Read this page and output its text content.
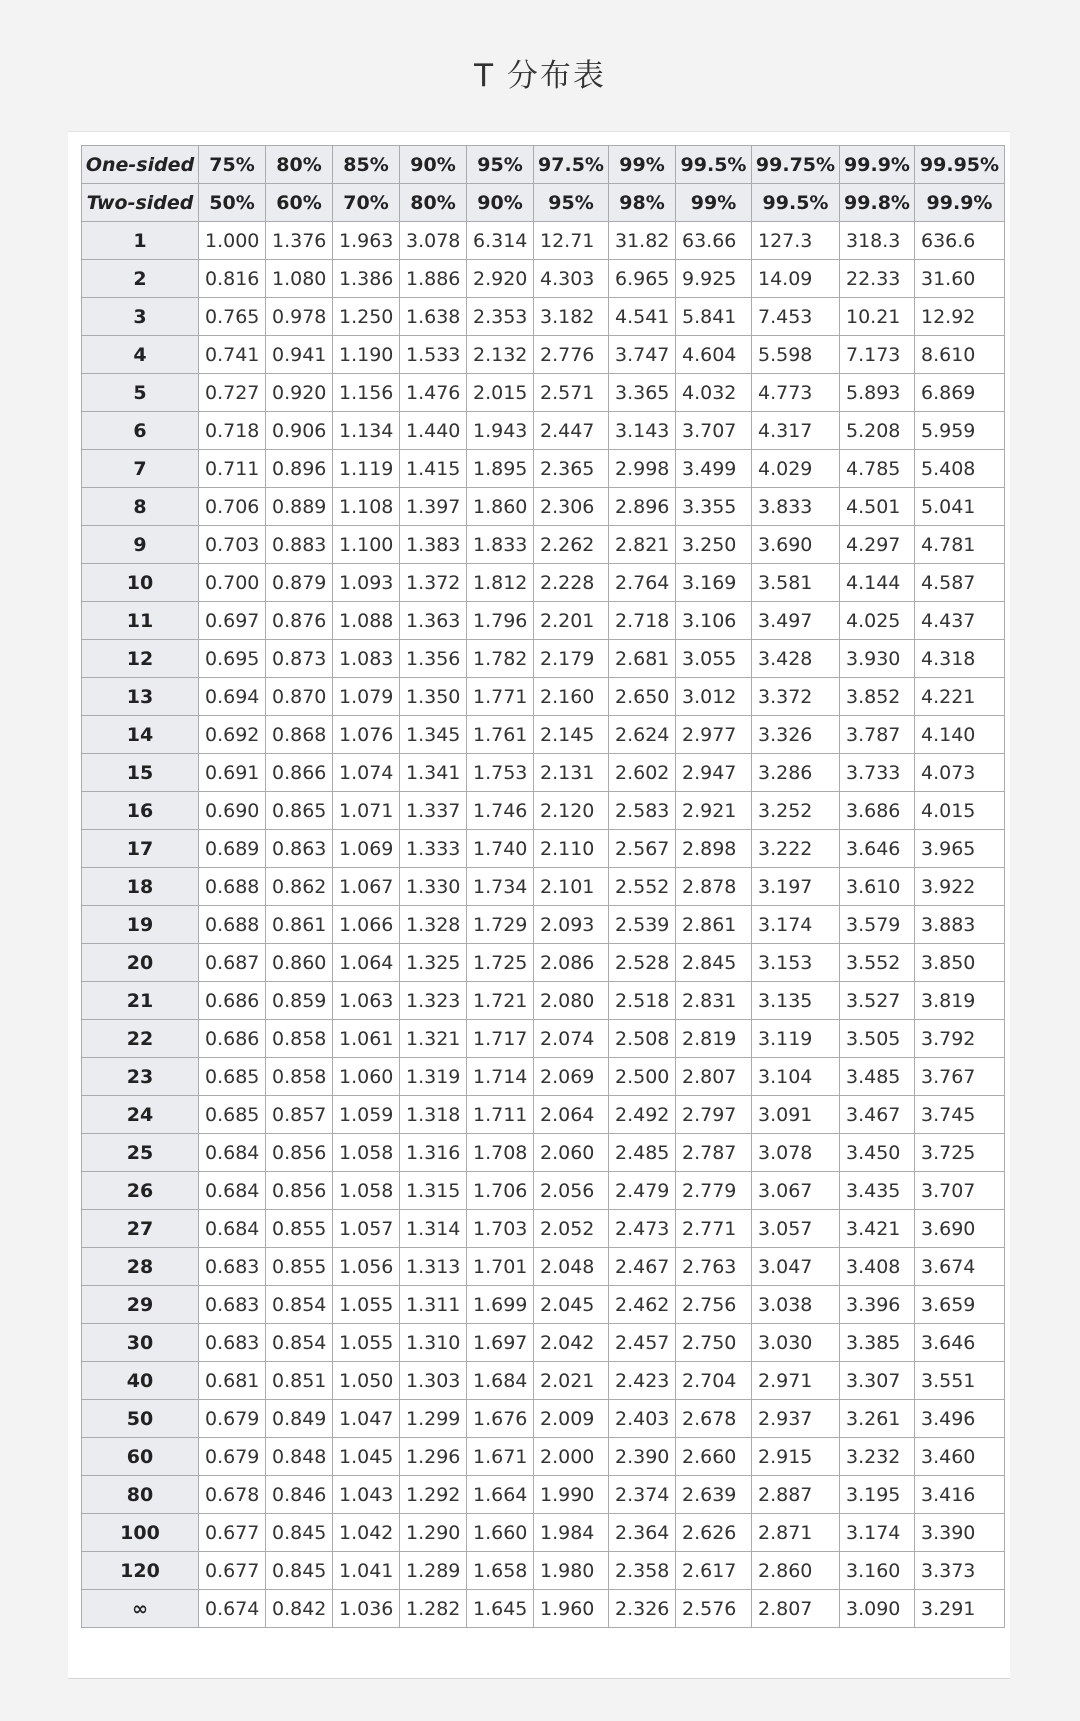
T 分布表
One-sided	75%	80%	85%	90%	95%	97.5%	99%	99.5%	99.75%	99.9%	99.95%
Two-sided	50%	60%	70%	80%	90%	95%	98%	99%	99.5%	99.8%	99.9%
1	1.000	1.376	1.963	3.078	6.314	12.71	31.82	63.66	127.3	318.3	636.6
2	0.816	1.080	1.386	1.886	2.920	4.303	6.965	9.925	14.09	22.33	31.60
3	0.765	0.978	1.250	1.638	2.353	3.182	4.541	5.841	7.453	10.21	12.92
4	0.741	0.941	1.190	1.533	2.132	2.776	3.747	4.604	5.598	7.173	8.610
5	0.727	0.920	1.156	1.476	2.015	2.571	3.365	4.032	4.773	5.893	6.869
6	0.718	0.906	1.134	1.440	1.943	2.447	3.143	3.707	4.317	5.208	5.959
7	0.711	0.896	1.119	1.415	1.895	2.365	2.998	3.499	4.029	4.785	5.408
8	0.706	0.889	1.108	1.397	1.860	2.306	2.896	3.355	3.833	4.501	5.041
9	0.703	0.883	1.100	1.383	1.833	2.262	2.821	3.250	3.690	4.297	4.781
10	0.700	0.879	1.093	1.372	1.812	2.228	2.764	3.169	3.581	4.144	4.587
11	0.697	0.876	1.088	1.363	1.796	2.201	2.718	3.106	3.497	4.025	4.437
12	0.695	0.873	1.083	1.356	1.782	2.179	2.681	3.055	3.428	3.930	4.318
13	0.694	0.870	1.079	1.350	1.771	2.160	2.650	3.012	3.372	3.852	4.221
14	0.692	0.868	1.076	1.345	1.761	2.145	2.624	2.977	3.326	3.787	4.140
15	0.691	0.866	1.074	1.341	1.753	2.131	2.602	2.947	3.286	3.733	4.073
16	0.690	0.865	1.071	1.337	1.746	2.120	2.583	2.921	3.252	3.686	4.015
17	0.689	0.863	1.069	1.333	1.740	2.110	2.567	2.898	3.222	3.646	3.965
18	0.688	0.862	1.067	1.330	1.734	2.101	2.552	2.878	3.197	3.610	3.922
19	0.688	0.861	1.066	1.328	1.729	2.093	2.539	2.861	3.174	3.579	3.883
20	0.687	0.860	1.064	1.325	1.725	2.086	2.528	2.845	3.153	3.552	3.850
21	0.686	0.859	1.063	1.323	1.721	2.080	2.518	2.831	3.135	3.527	3.819
22	0.686	0.858	1.061	1.321	1.717	2.074	2.508	2.819	3.119	3.505	3.792
23	0.685	0.858	1.060	1.319	1.714	2.069	2.500	2.807	3.104	3.485	3.767
24	0.685	0.857	1.059	1.318	1.711	2.064	2.492	2.797	3.091	3.467	3.745
25	0.684	0.856	1.058	1.316	1.708	2.060	2.485	2.787	3.078	3.450	3.725
26	0.684	0.856	1.058	1.315	1.706	2.056	2.479	2.779	3.067	3.435	3.707
27	0.684	0.855	1.057	1.314	1.703	2.052	2.473	2.771	3.057	3.421	3.690
28	0.683	0.855	1.056	1.313	1.701	2.048	2.467	2.763	3.047	3.408	3.674
29	0.683	0.854	1.055	1.311	1.699	2.045	2.462	2.756	3.038	3.396	3.659
30	0.683	0.854	1.055	1.310	1.697	2.042	2.457	2.750	3.030	3.385	3.646
40	0.681	0.851	1.050	1.303	1.684	2.021	2.423	2.704	2.971	3.307	3.551
50	0.679	0.849	1.047	1.299	1.676	2.009	2.403	2.678	2.937	3.261	3.496
60	0.679	0.848	1.045	1.296	1.671	2.000	2.390	2.660	2.915	3.232	3.460
80	0.678	0.846	1.043	1.292	1.664	1.990	2.374	2.639	2.887	3.195	3.416
100	0.677	0.845	1.042	1.290	1.660	1.984	2.364	2.626	2.871	3.174	3.390
120	0.677	0.845	1.041	1.289	1.658	1.980	2.358	2.617	2.860	3.160	3.373
∞	0.674	0.842	1.036	1.282	1.645	1.960	2.326	2.576	2.807	3.090	3.291
